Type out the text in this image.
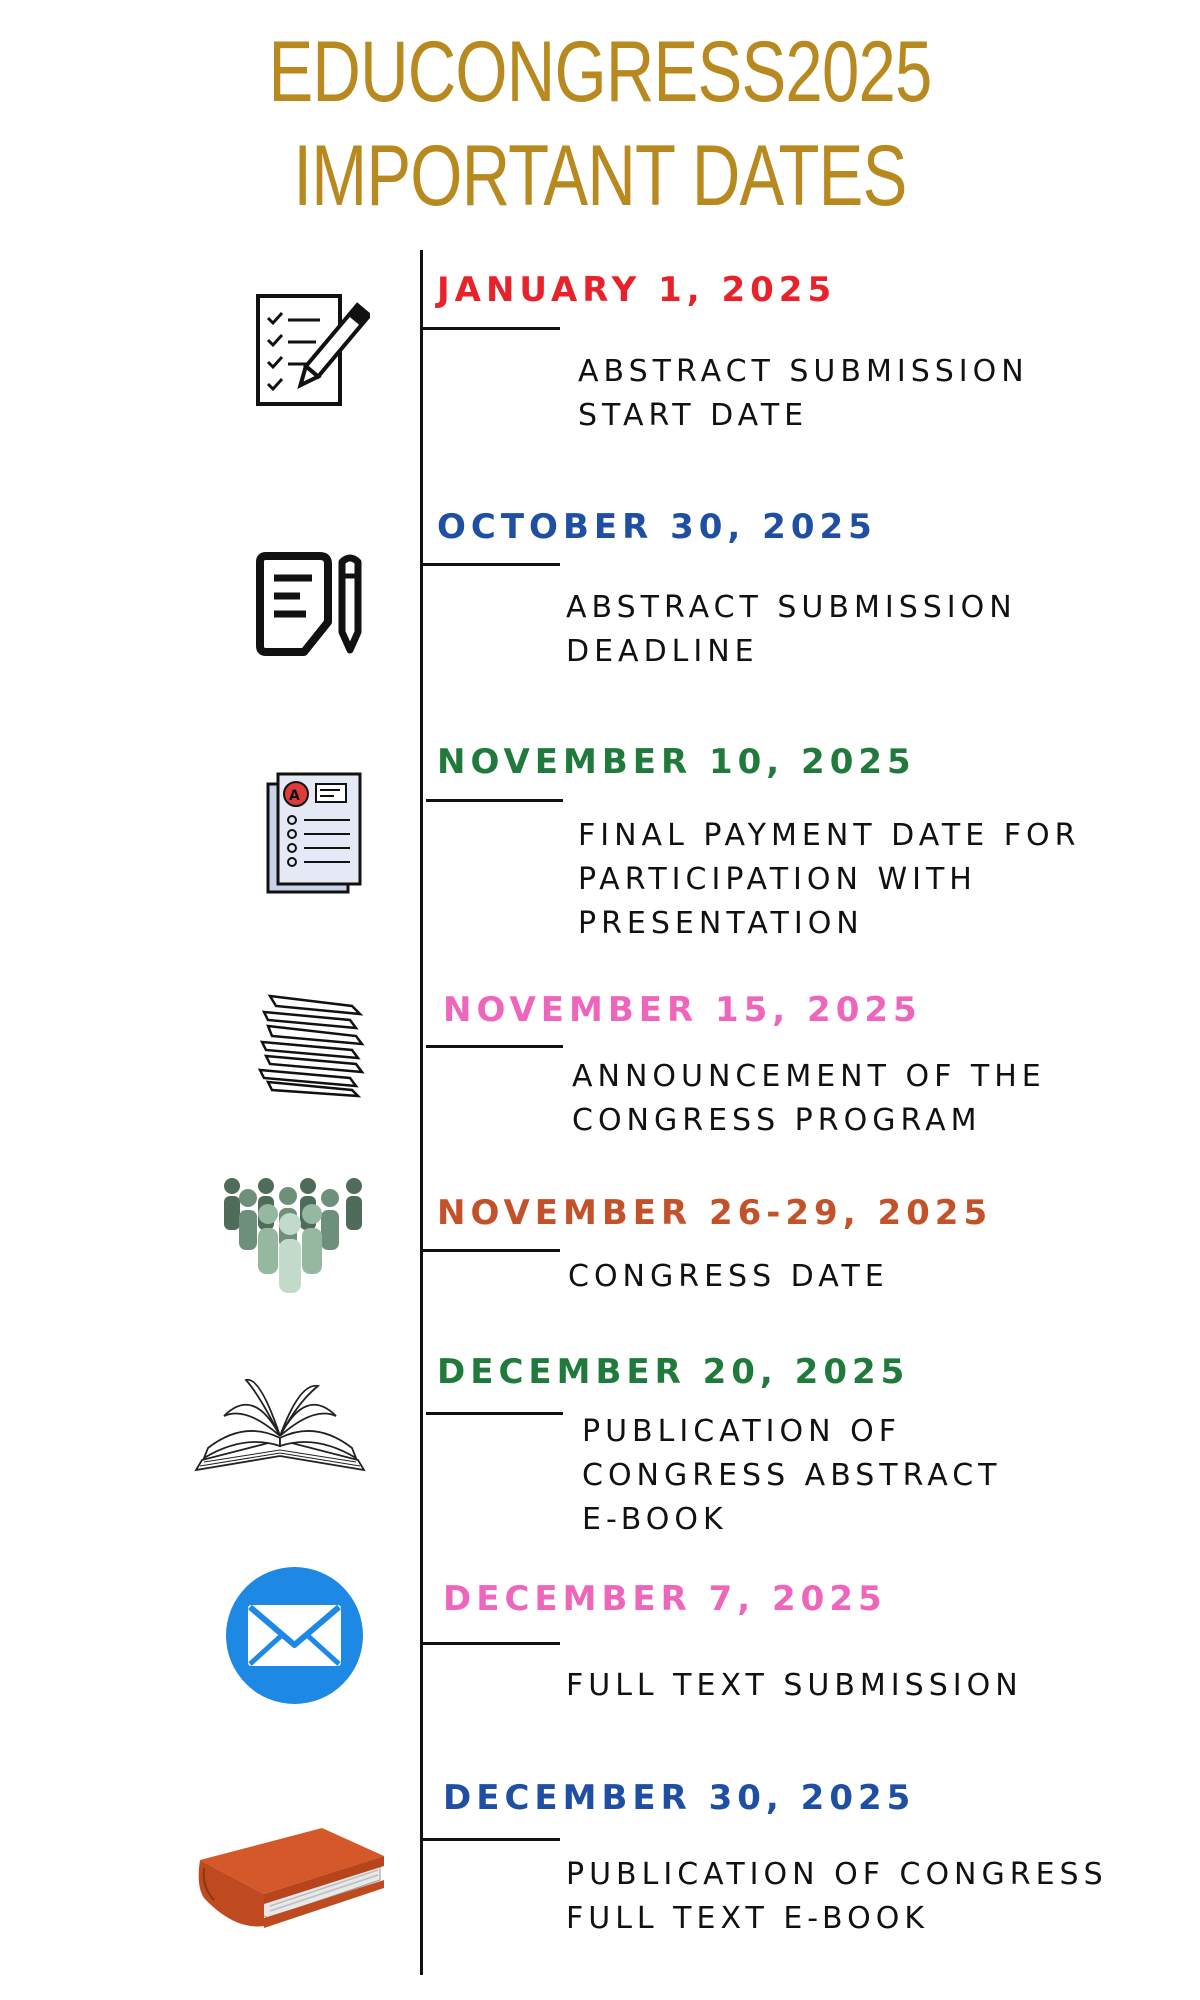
EDUCONGRESS2025
IMPORTANT DATES
JANUARY 1, 2025
ABSTRACT SUBMISSION
START DATE
OCTOBER 30, 2025
ABSTRACT SUBMISSION
DEADLINE
NOVEMBER 10, 2025
FINAL PAYMENT DATE FOR
PARTICIPATION WITH
PRESENTATION
A
NOVEMBER 15, 2025
ANNOUNCEMENT OF THE
CONGRESS PROGRAM
NOVEMBER 26-29, 2025
CONGRESS DATE
DECEMBER 20, 2025
PUBLICATION OF
CONGRESS ABSTRACT
E-BOOK
DECEMBER 7, 2025
FULL TEXT SUBMISSION
DECEMBER 30, 2025
PUBLICATION OF CONGRESS
FULL TEXT E-BOOK
